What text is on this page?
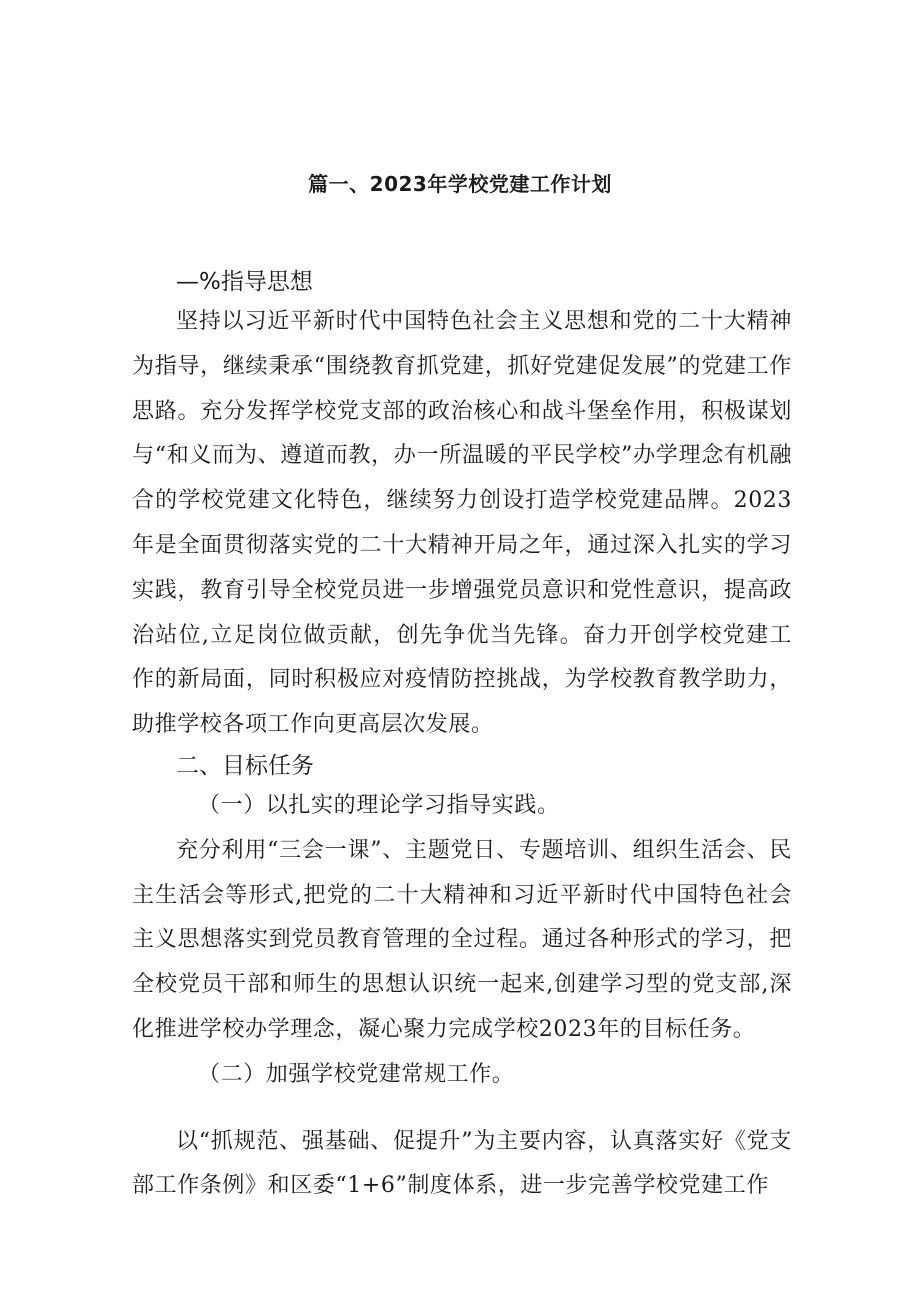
篇一、2023年学校党建工作计划

—%指导思想

坚持以习近平新时代中国特色社会主义思想和党的二十大精神为指导，继续秉承“围绕教育抓党建，抓好党建促发展”的党建工作思路。充分发挥学校党支部的政治核心和战斗堡垒作用，积极谋划与“和义而为、遵道而教，办一所温暖的平民学校”办学理念有机融合的学校党建文化特色，继续努力创设打造学校党建品牌。2023年是全面贯彻落实党的二十大精神开局之年，通过深入扎实的学习实践，教育引导全校党员进一步增强党员意识和党性意识，提高政治站位,立足岗位做贡献，创先争优当先锋。奋力开创学校党建工作的新局面，同时积极应对疫情防控挑战，为学校教育教学助力，助推学校各项工作向更高层次发展。

二、目标任务

（一）以扎实的理论学习指导实践。

充分利用“三会一课”、主题党日、专题培训、组织生活会、民主生活会等形式,把党的二十大精神和习近平新时代中国特色社会主义思想落实到党员教育管理的全过程。通过各种形式的学习，把全校党员干部和师生的思想认识统一起来,创建学习型的党支部,深化推进学校办学理念，凝心聚力完成学校2023年的目标任务。

（二）加强学校党建常规工作。

以“抓规范、强基础、促提升”为主要内容，认真落实好《党支部工作条例》和区委“1+6”制度体系，进一步完善学校党建工作
